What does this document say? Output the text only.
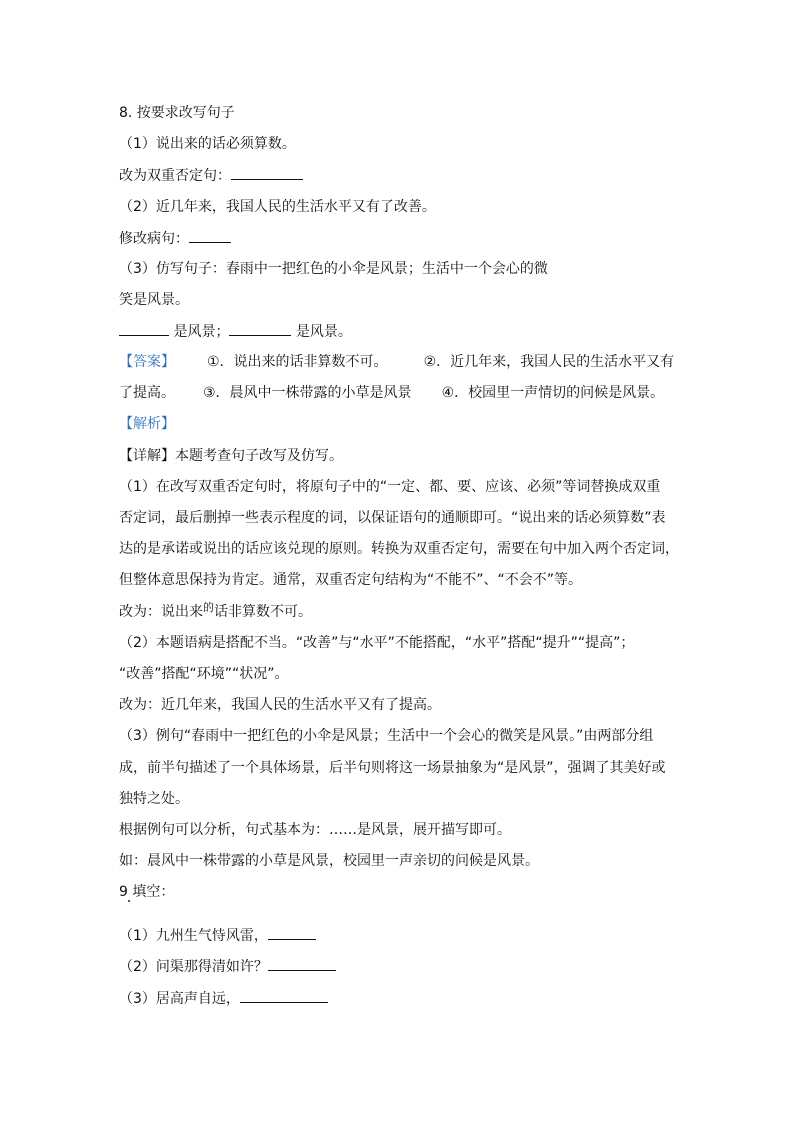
8. 按要求改写句子
（1）说出来的话必须算数。
改为双重否定句：
（2）近几年来，我国人民的生活水平又有了改善。
修改病句：
（3）仿写句子：春雨中一把红色的小伞是风景；生活中一个会心的微
笑是风景。
是风景；	是风景。
【答案】 ①．说出来的话非算数不可。	②．近几年来，我国人民的生活水平又有
了提高。 ③．晨风中一株带露的小草是风景 ④．校园里一声情切的问候是风景。
【解析】
【详解】本题考查句子改写及仿写。
（1）在改写双重否定句时，将原句子中的“一定、都、要、应该、必须”等词替换成双重
否定词，最后删掉一些表示程度的词，以保证语句的通顺即可。“说出来的话必须算数”表
达的是承诺或说出的话应该兑现的原则。转换为双重否定句，需要在句中加入两个否定词，
但整体意思保持为肯定。通常，双重否定句结构为“不能不”、“不会不”等。
改为：说出来$^的$话非算数不可。
（2）本题语病是搭配不当。“改善”与“水平”不能搭配，“水平”搭配“提升”“提高”；
“改善”搭配“环境”“状况”。
改为：近几年来，我国人民的生活水平又有了提高。
（3）例句“春雨中一把红色的小伞是风景；生活中一个会心的微笑是风景。”由两部分组
成，前半句描述了一个具体场景，后半句则将这一场景抽象为“是风景”，强调了其美好或
独特之处。
根据例句可以分析，句式基本为：……是风景，展开描写即可。
如：晨风中一株带露的小草是风景，校园里一声亲切的问候是风景。
9 填空：
（1）九州生气恃风雷，
（2）问渠那得清如许？
（3）居高声自远，
